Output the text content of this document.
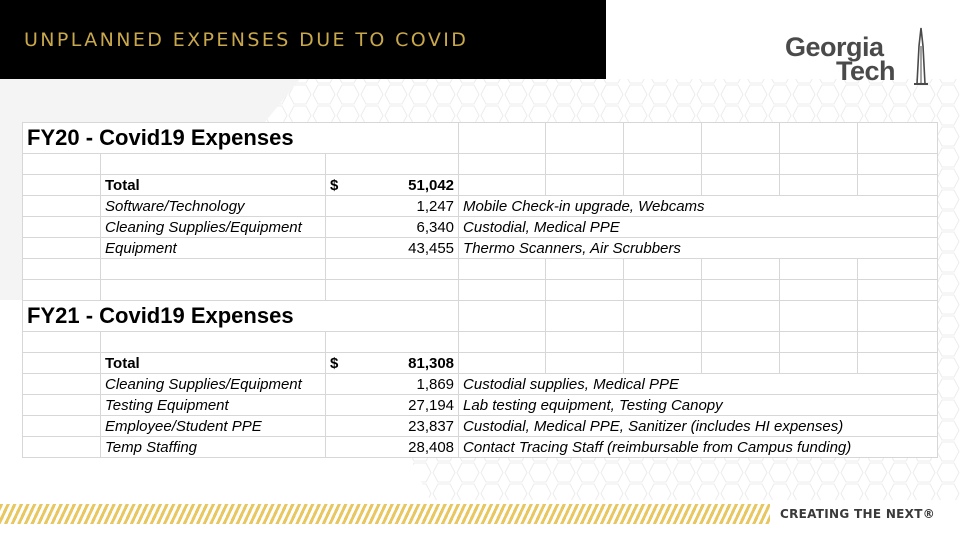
UNPLANNED EXPENSES DUE TO COVID	Georgia
Tech
FY20 - Covid19 Expenses								

	Total	$ 51,042						

	Software/Technology	1,247	Mobile Check-in upgrade, Webcams					
	Cleaning Supplies/Equipment	6,340	Custodial, Medical PPE					
	Equipment	43,455	Thermo Scanners, Air Scrubbers					

FY21 - Covid19 Expenses								

	Total	$ 81,308						

	Cleaning Supplies/Equipment	1,869	Custodial supplies, Medical PPE					
	Testing Equipment	27,194	Lab testing equipment, Testing Canopy					
	Employee/Student PPE	23,837	Custodial, Medical PPE, Sanitizer (includes HI expenses)					
	Temp Staffing	28,408	Contact Tracing Staff (reimbursable from Campus funding)					
CREATING THE NEXT®
